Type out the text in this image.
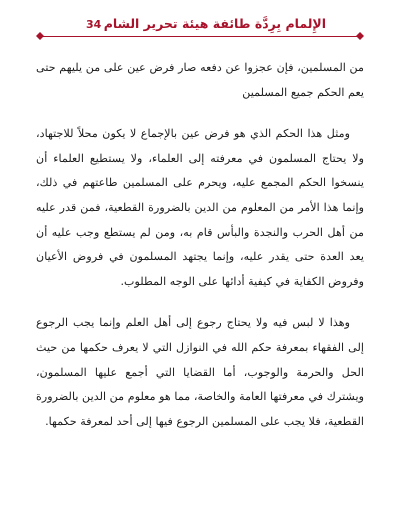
34 الإِلمام بِرِدَّة طائفة هيئة تحرير الشام

من المسلمين، فإن عجزوا عن دفعه صار فرض عين على من يليهم حتى يعم الحكم جميع المسلمين

ومثل هذا الحكم الذي هو فرض عين بالإجماع لا يكون محلاً للاجتهاد، ولا يحتاج المسلمون في معرفته إلى العلماء، ولا يستطيع العلماء أن ينسخوا الحكم المجمع عليه، ويحرم على المسلمين طاعتهم في ذلك، وإنما هذا الأمر من المعلوم من الدين بالضرورة القطعية، فمن قدر عليه من أهل الحرب والنجدة والبأس قام به، ومن لم يستطع وجب عليه أن يعد العدة حتى يقدر عليه، وإنما يجتهد المسلمون في فروض الأعيان وفروض الكفاية في كيفية أدائها على الوجه المطلوب.

وهذا لا لبس فيه ولا يحتاج رجوع إلى أهل العلم وإنما يجب الرجوع إلى الفقهاء بمعرفة حكم الله في النوازل التي لا يعرف حكمها من حيث الحل والحرمة والوجوب، أما القضايا التي أجمع عليها المسلمون، ويشترك في معرفتها العامة والخاصة، مما هو معلوم من الدين بالضرورة القطعية، فلا يجب على المسلمين الرجوع فيها إلى أحد لمعرفة حكمها.
